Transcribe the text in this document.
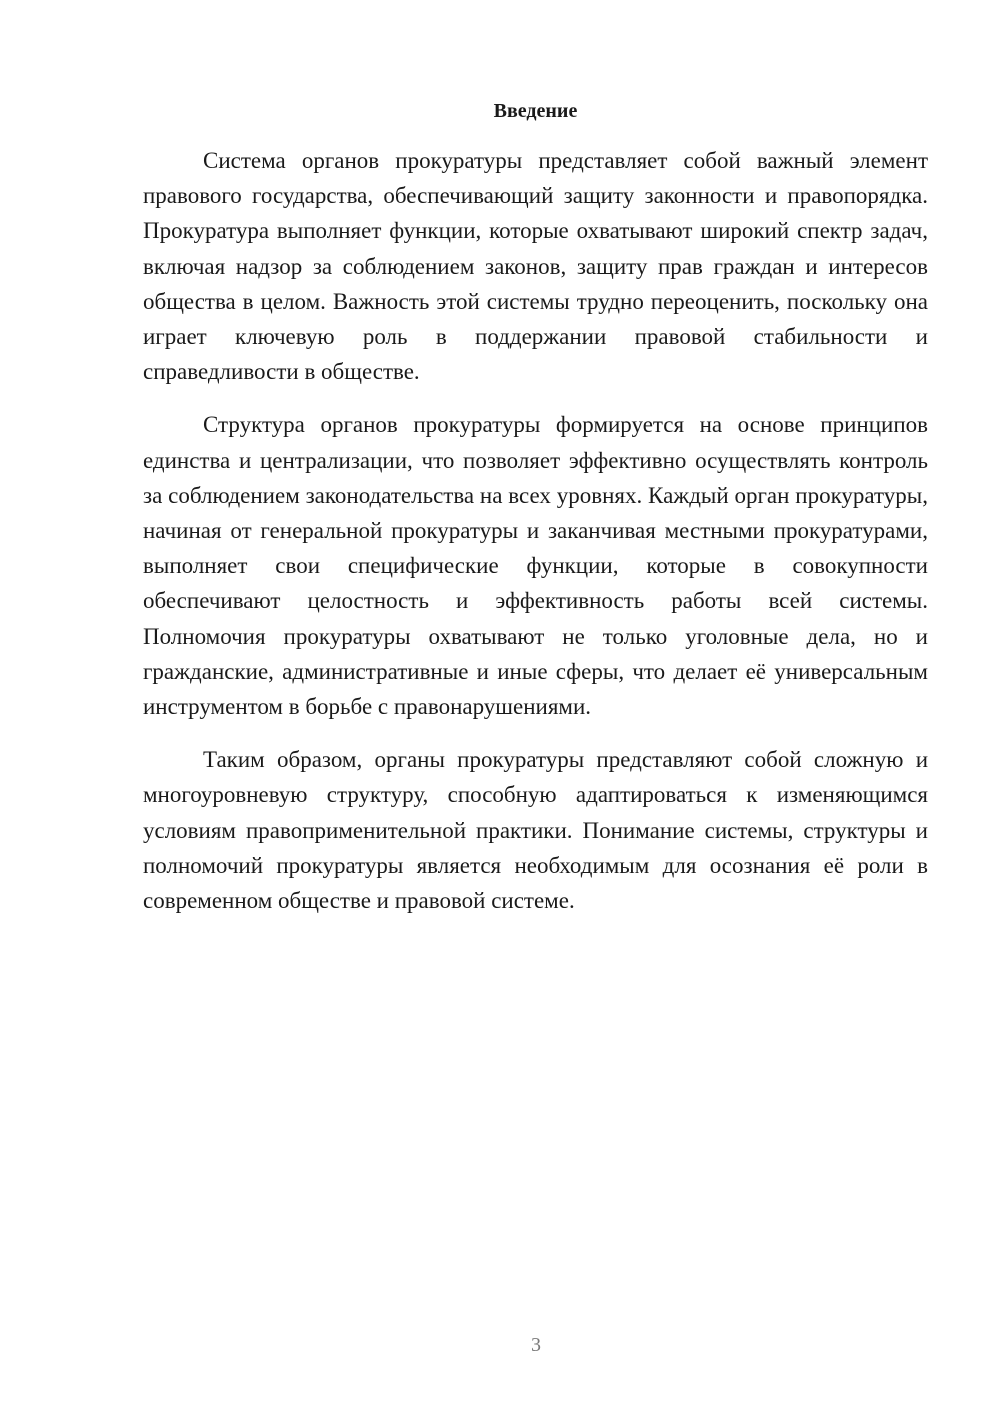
Введение

Система органов прокуратуры представляет собой важный элемент правового государства, обеспечивающий защиту законности и правопорядка. Прокуратура выполняет функции, которые охватывают широкий спектр задач, включая надзор за соблюдением законов, защиту прав граждан и интересов общества в целом. Важность этой системы трудно переоценить, поскольку она играет ключевую роль в поддержании правовой стабильности и справедливости в обществе.

Структура органов прокуратуры формируется на основе принципов единства и централизации, что позволяет эффективно осуществлять контроль за соблюдением законодательства на всех уровнях. Каждый орган прокуратуры, начиная от генеральной прокуратуры и заканчивая местными прокуратурами, выполняет свои специфические функции, которые в совокупности обеспечивают целостность и эффективность работы всей системы. Полномочия прокуратуры охватывают не только уголовные дела, но и гражданские, административные и иные сферы, что делает её универсальным инструментом в борьбе с правонарушениями.

Таким образом, органы прокуратуры представляют собой сложную и многоуровневую структуру, способную адаптироваться к изменяющимся условиям правоприменительной практики. Понимание системы, структуры и полномочий прокуратуры является необходимым для осознания её роли в современном обществе и правовой системе.

3
